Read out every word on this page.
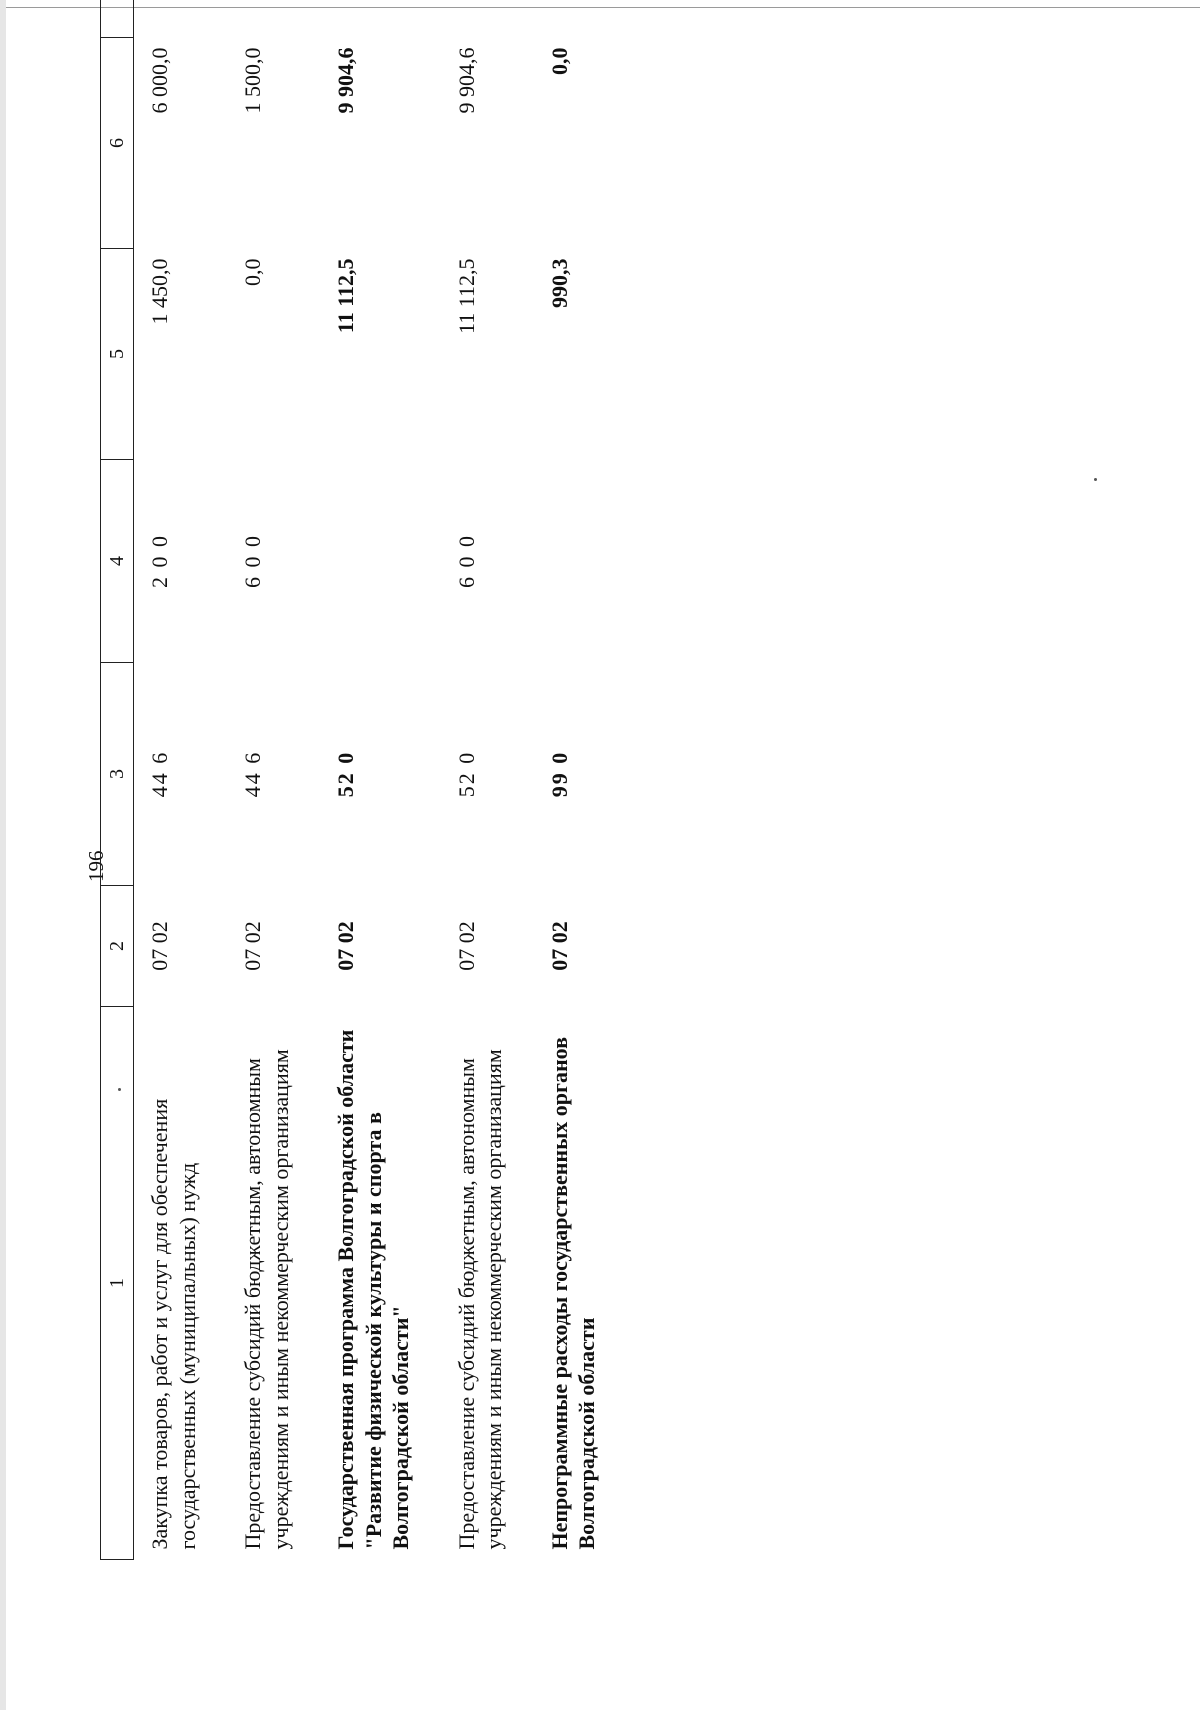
196
1	2	3	4	5	6	
Закупка товаров, работ и услуг для обеспечения государственных (муниципальных) нужд	07 02	44 6	2 0 0	1 450,0	6 000,0	
Предоставление субсидий бюджетным, автономным учреждениям и иным некоммерческим организациям	07 02	44 6	6 0 0	0,0	1 500,0	
Государственная программа Волгоградской области "Развитие физической культуры и спорта в Волгоградской области"	07 02	52 0		11 112,5	9 904,6	
Предоставление субсидий бюджетным, автономным учреждениям и иным некоммерческим организациям	07 02	52 0	6 0 0	11 112,5	9 904,6	
Непрограммные расходы государственных органов Волгоградской области	07 02	99 0		990,3	0,0	
